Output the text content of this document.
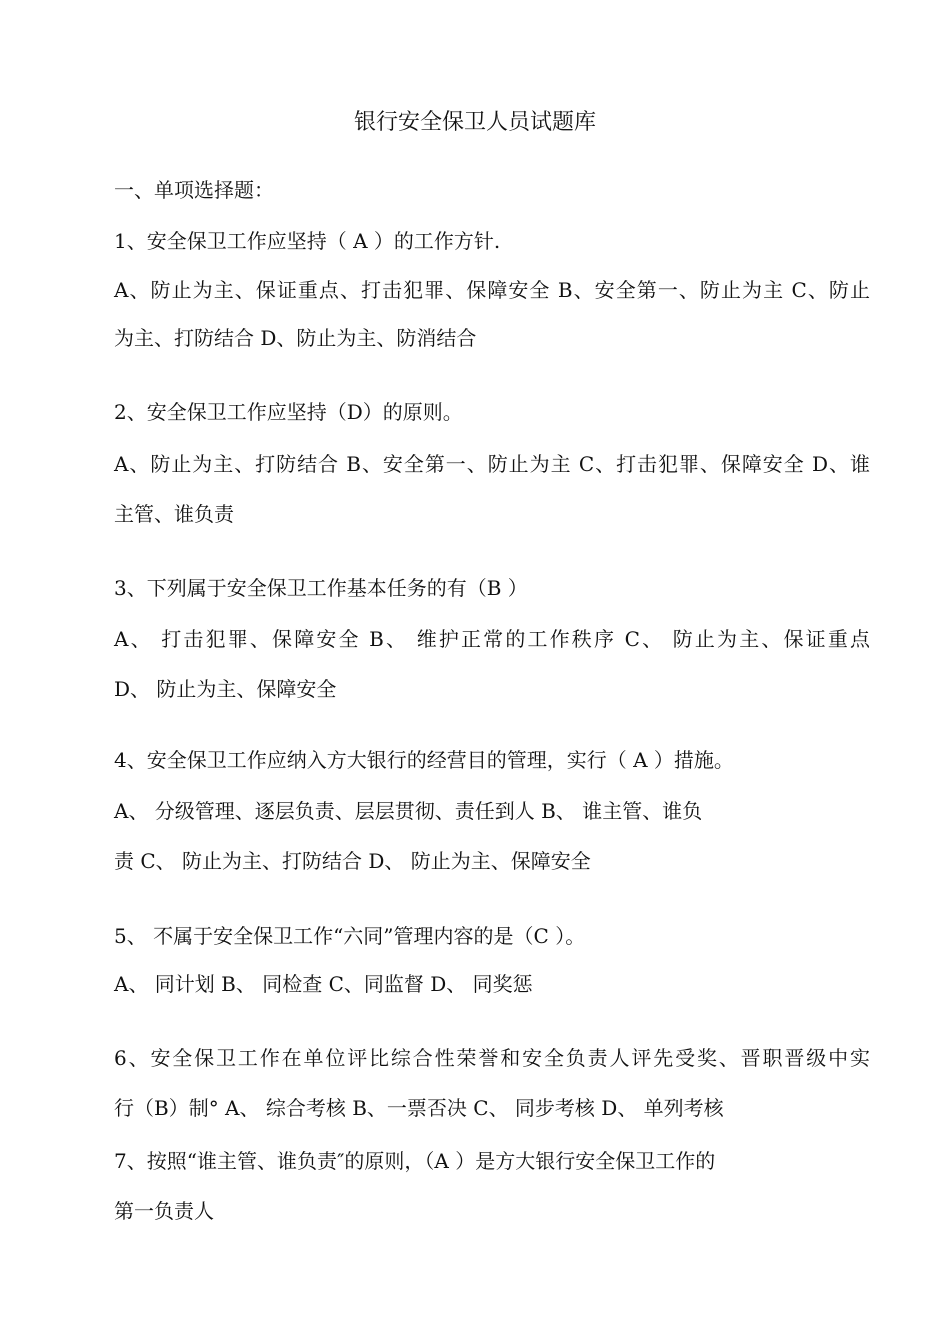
银行安全保卫人员试题库
一、单项选择题：
1、安全保卫工作应坚持（ A ）的工作方针.
A、防止为主、保证重点、打击犯罪、保障安全 B、安全第一、防止为主 C、防止
为主、打防结合 D、防止为主、防消结合
2、安全保卫工作应坚持（D）的原则。
A、防止为主、打防结合 B、安全第一、防止为主 C、打击犯罪、保障安全 D、谁
主管、谁负责
3、下列属于安全保卫工作基本任务的有（B ）
A、 打击犯罪、保障安全 B、 维护正常的工作秩序 C、 防止为主、保证重点
D、 防止为主、保障安全
4、安全保卫工作应纳入方大银行的经营目的管理，实行（ A ）措施。
A、 分级管理、逐层负责、层层贯彻、责任到人 B、 谁主管、谁负
责 C、 防止为主、打防结合 D、 防止为主、保障安全
5、 不属于安全保卫工作“六同”管理内容的是（C ）。
A、 同计划 B、 同检查 C、同监督 D、 同奖惩
6、安全保卫工作在单位评比综合性荣誉和安全负责人评先受奖、晋职晋级中实
行（B）制° A、 综合考核 B、一票否决 C、 同步考核 D、 单列考核
7、按照“谁主管、谁负责″的原则，（A ）是方大银行安全保卫工作的
第一负责人
